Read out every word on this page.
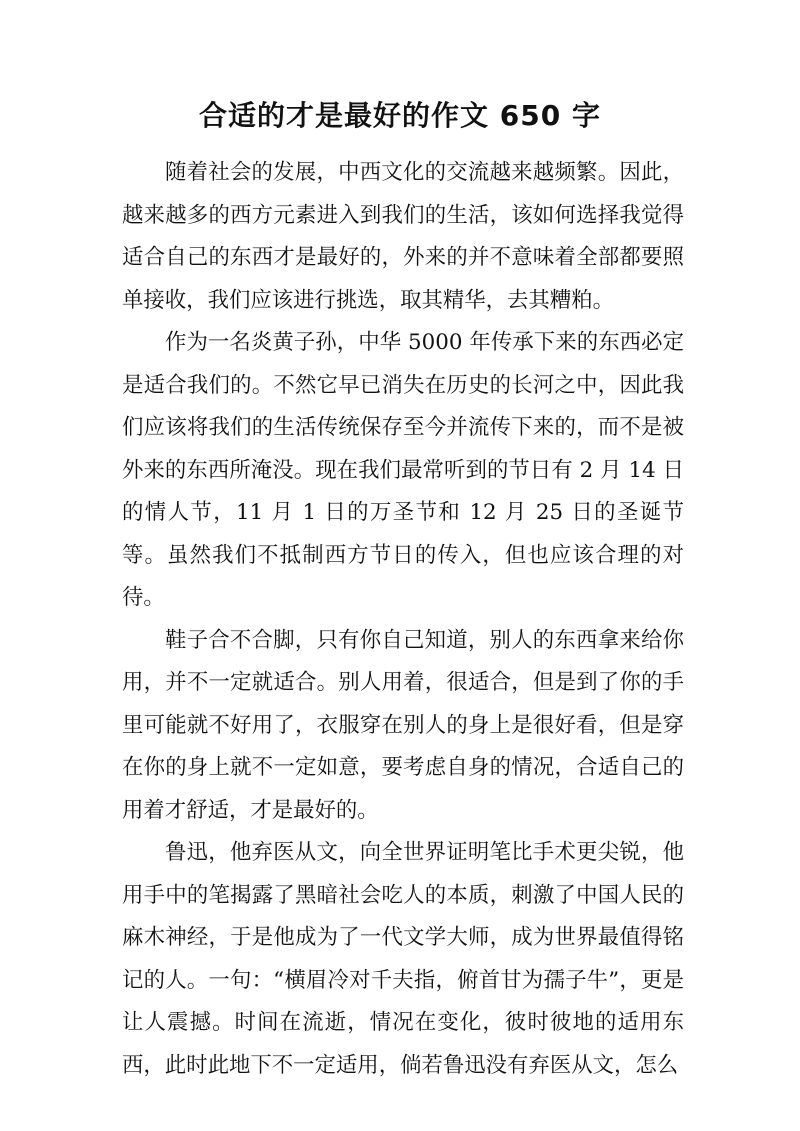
合适的才是最好的作文 650 字

随着社会的发展，中西文化的交流越来越频繁。因此，越来越多的西方元素进入到我们的生活，该如何选择我觉得适合自己的东西才是最好的，外来的并不意味着全部都要照单接收，我们应该进行挑选，取其精华，去其糟粕。

作为一名炎黄子孙，中华 5000 年传承下来的东西必定是适合我们的。不然它早已消失在历史的长河之中，因此我们应该将我们的生活传统保存至今并流传下来的，而不是被外来的东西所淹没。现在我们最常听到的节日有 2 月 14 日的情人节，11 月 1 日的万圣节和 12 月 25 日的圣诞节等。虽然我们不抵制西方节日的传入，但也应该合理的对待。

鞋子合不合脚，只有你自己知道，别人的东西拿来给你用，并不一定就适合。别人用着，很适合，但是到了你的手里可能就不好用了，衣服穿在别人的身上是很好看，但是穿在你的身上就不一定如意，要考虑自身的情况，合适自己的用着才舒适，才是最好的。

鲁迅，他弃医从文，向全世界证明笔比手术更尖锐，他用手中的笔揭露了黑暗社会吃人的本质，刺激了中国人民的麻木神经，于是他成为了一代文学大师，成为世界最值得铭记的人。一句：“横眉冷对千夫指，俯首甘为孺子牛”，更是让人震撼。时间在流逝，情况在变化，彼时彼地的适用东西，此时此地下不一定适用，倘若鲁迅没有弃医从文，怎么
